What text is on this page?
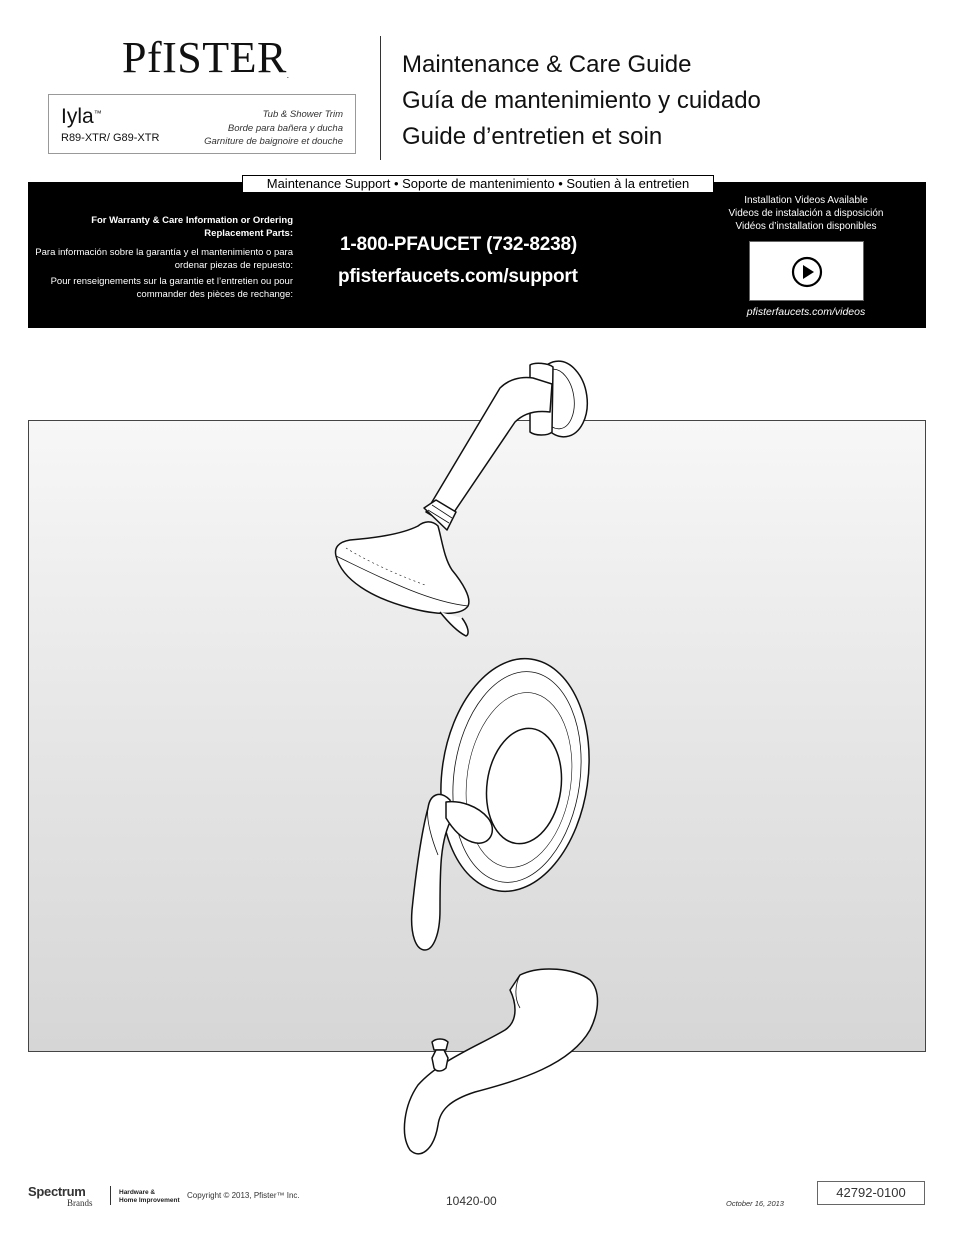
PfISTER.
Iyla™
R89-XTR/ G89-XTR
Tub & Shower Trim
Borde para bañera y ducha
Garniture de baignoire et douche
Maintenance & Care Guide
Guía de mantenimiento y cuidado
Guide d’entretien et soin
For Warranty & Care Information or Ordering Replacement Parts:
Para información sobre la garantía y el mantenimiento o para ordenar piezas de repuesto:
Pour renseignements sur la garantie et l’entretien ou pour commander des pièces de rechange:
1-800-PFAUCET (732-8238)
pfisterfaucets.com/support
Installation Videos Available
Videos de instalación a disposición
Vidéos d’installation disponibles
pfisterfaucets.com/videos
Maintenance Support • Soporte de mantenimiento • Soutien à la entretien
Spectrum
Brands
Hardware &
Home Improvement Copyright © 2013, Pfister™ Inc.	10420-00	October 16, 2013
42792-0100
